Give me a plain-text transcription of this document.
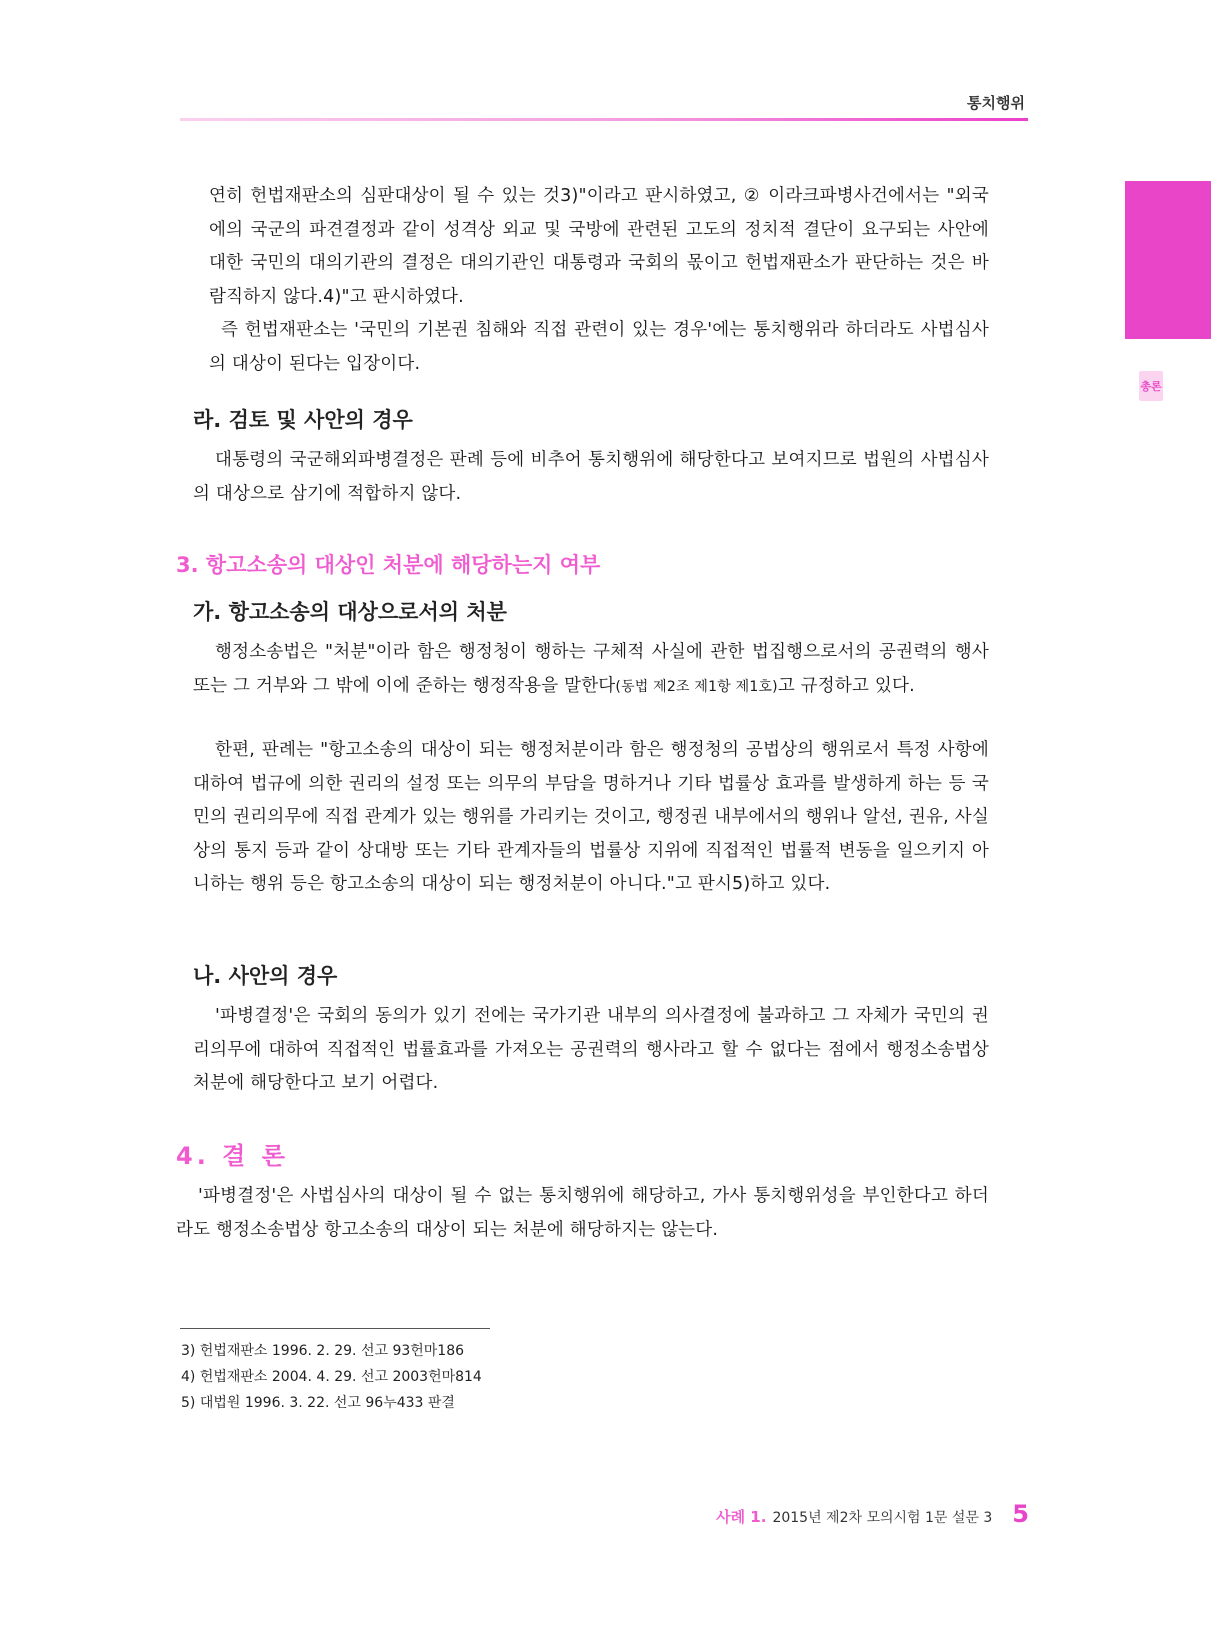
통치행위
총론
행정법 통론

연히 헌법재판소의 심판대상이 될 수 있는 것3)"이라고 판시하였고, ② 이라크파병사건에서는 "외국에의 국군의 파견결정과 같이 성격상 외교 및 국방에 관련된 고도의 정치적 결단이 요구되는 사안에 대한 국민의 대의기관의 결정은 대의기관인 대통령과 국회의 몫이고 헌법재판소가 판단하는 것은 바람직하지 않다.4)"고 판시하였다.

즉 헌법재판소는 '국민의 기본권 침해와 직접 관련이 있는 경우'에는 통치행위라 하더라도 사법심사의 대상이 된다는 입장이다.

라. 검토 및 사안의 경우

대통령의 국군해외파병결정은 판례 등에 비추어 통치행위에 해당한다고 보여지므로 법원의 사법심사의 대상으로 삼기에 적합하지 않다.

3. 항고소송의 대상인 처분에 해당하는지 여부
가. 항고소송의 대상으로서의 처분

행정소송법은 "처분"이라 함은 행정청이 행하는 구체적 사실에 관한 법집행으로서의 공권력의 행사 또는 그 거부와 그 밖에 이에 준하는 행정작용을 말한다(동법 제2조 제1항 제1호)고 규정하고 있다.

한편, 판례는 "항고소송의 대상이 되는 행정처분이라 함은 행정청의 공법상의 행위로서 특정 사항에 대하여 법규에 의한 권리의 설정 또는 의무의 부담을 명하거나 기타 법률상 효과를 발생하게 하는 등 국민의 권리의무에 직접 관계가 있는 행위를 가리키는 것이고, 행정권 내부에서의 행위나 알선, 권유, 사실상의 통지 등과 같이 상대방 또는 기타 관계자들의 법률상 지위에 직접적인 법률적 변동을 일으키지 아니하는 행위 등은 항고소송의 대상이 되는 행정처분이 아니다."고 판시5)하고 있다.

나. 사안의 경우

'파병결정'은 국회의 동의가 있기 전에는 국가기관 내부의 의사결정에 불과하고 그 자체가 국민의 권리의무에 대하여 직접적인 법률효과를 가져오는 공권력의 행사라고 할 수 없다는 점에서 행정소송법상 처분에 해당한다고 보기 어렵다.

4. 결 론

'파병결정'은 사법심사의 대상이 될 수 없는 통치행위에 해당하고, 가사 통치행위성을 부인한다고 하더라도 행정소송법상 항고소송의 대상이 되는 처분에 해당하지는 않는다.

3) 헌법재판소 1996. 2. 29. 선고 93헌마186

4) 헌법재판소 2004. 4. 29. 선고 2003헌마814

5) 대법원 1996. 3. 22. 선고 96누433 판결

사례 1. 2015년 제2차 모의시험 1문 설문 3 5
